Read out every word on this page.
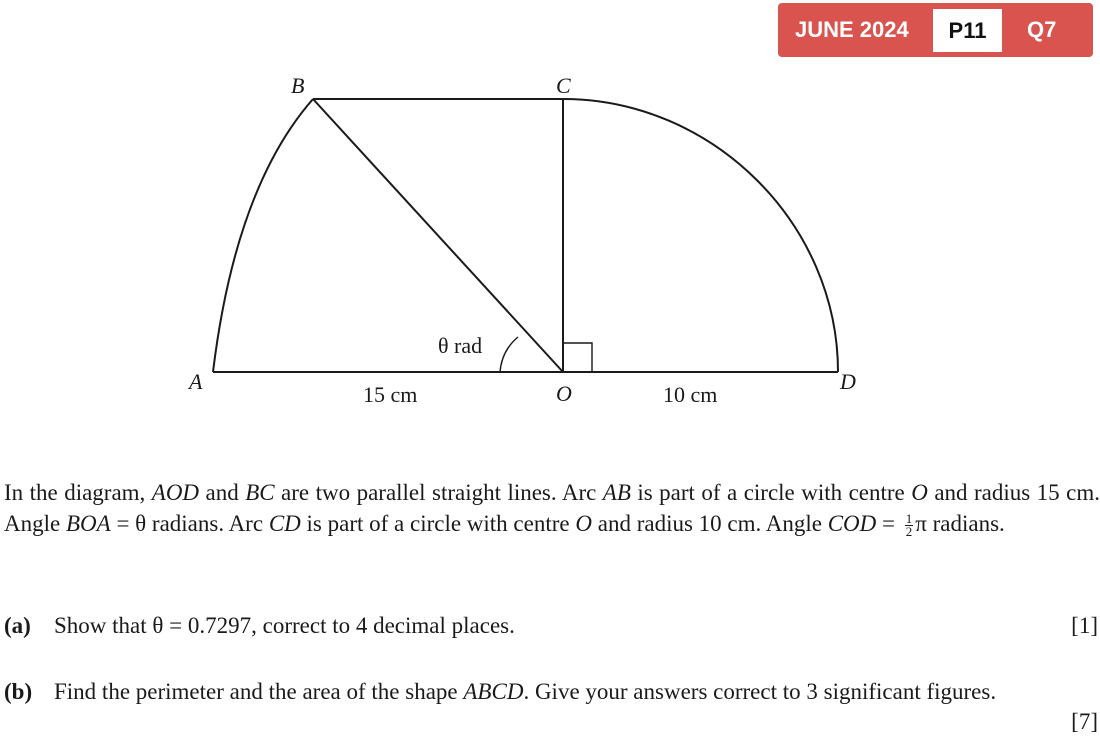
JUNE 2024	P11	Q7
A
B	C
D
O
θ rad
15 cm	10 cm
In the diagram, AOD and BC are two parallel straight lines. Arc AB is part of a circle with centre O and radius 15 cm. Angle BOA = θ radians. Arc CD is part of a circle with centre O and radius 10 cm. Angle COD = $\frac{1}{2}$ π radians.
(a) Show that θ = 0.7297, correct to 4 decimal places.	[1]
(b) Find the perimeter and the area of the shape ABCD. Give your answers correct to 3 significant figures.
[7]
